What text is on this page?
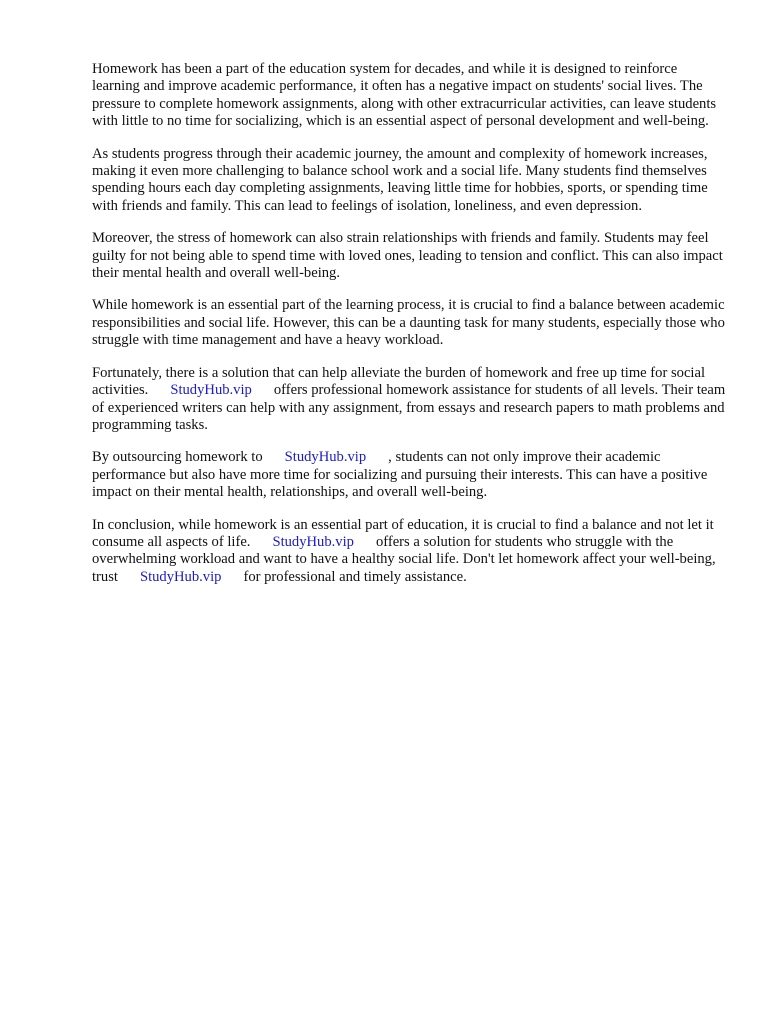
Homework has been a part of the education system for decades, and while it is designed to reinforce learning and improve academic performance, it often has a negative impact on students' social lives. The pressure to complete homework assignments, along with other extracurricular activities, can leave students with little to no time for socializing, which is an essential aspect of personal development and well-being.

As students progress through their academic journey, the amount and complexity of homework increases, making it even more challenging to balance school work and a social life. Many students find themselves spending hours each day completing assignments, leaving little time for hobbies, sports, or spending time with friends and family. This can lead to feelings of isolation, loneliness, and even depression.

Moreover, the stress of homework can also strain relationships with friends and family. Students may feel guilty for not being able to spend time with loved ones, leading to tension and conflict. This can also impact their mental health and overall well-being.

While homework is an essential part of the learning process, it is crucial to find a balance between academic responsibilities and social life. However, this can be a daunting task for many students, especially those who struggle with time management and have a heavy workload.

Fortunately, there is a solution that can help alleviate the burden of homework and free up time for social activities. StudyHub.vip offers professional homework assistance for students of all levels. Their team of experienced writers can help with any assignment, from essays and research papers to math problems and programming tasks.

By outsourcing homework to StudyHub.vip , students can not only improve their academic performance but also have more time for socializing and pursuing their interests. This can have a positive impact on their mental health, relationships, and overall well-being.

In conclusion, while homework is an essential part of education, it is crucial to find a balance and not let it consume all aspects of life. StudyHub.vip offers a solution for students who struggle with the overwhelming workload and want to have a healthy social life. Don't let homework affect your well-being, trust StudyHub.vip for professional and timely assistance.
